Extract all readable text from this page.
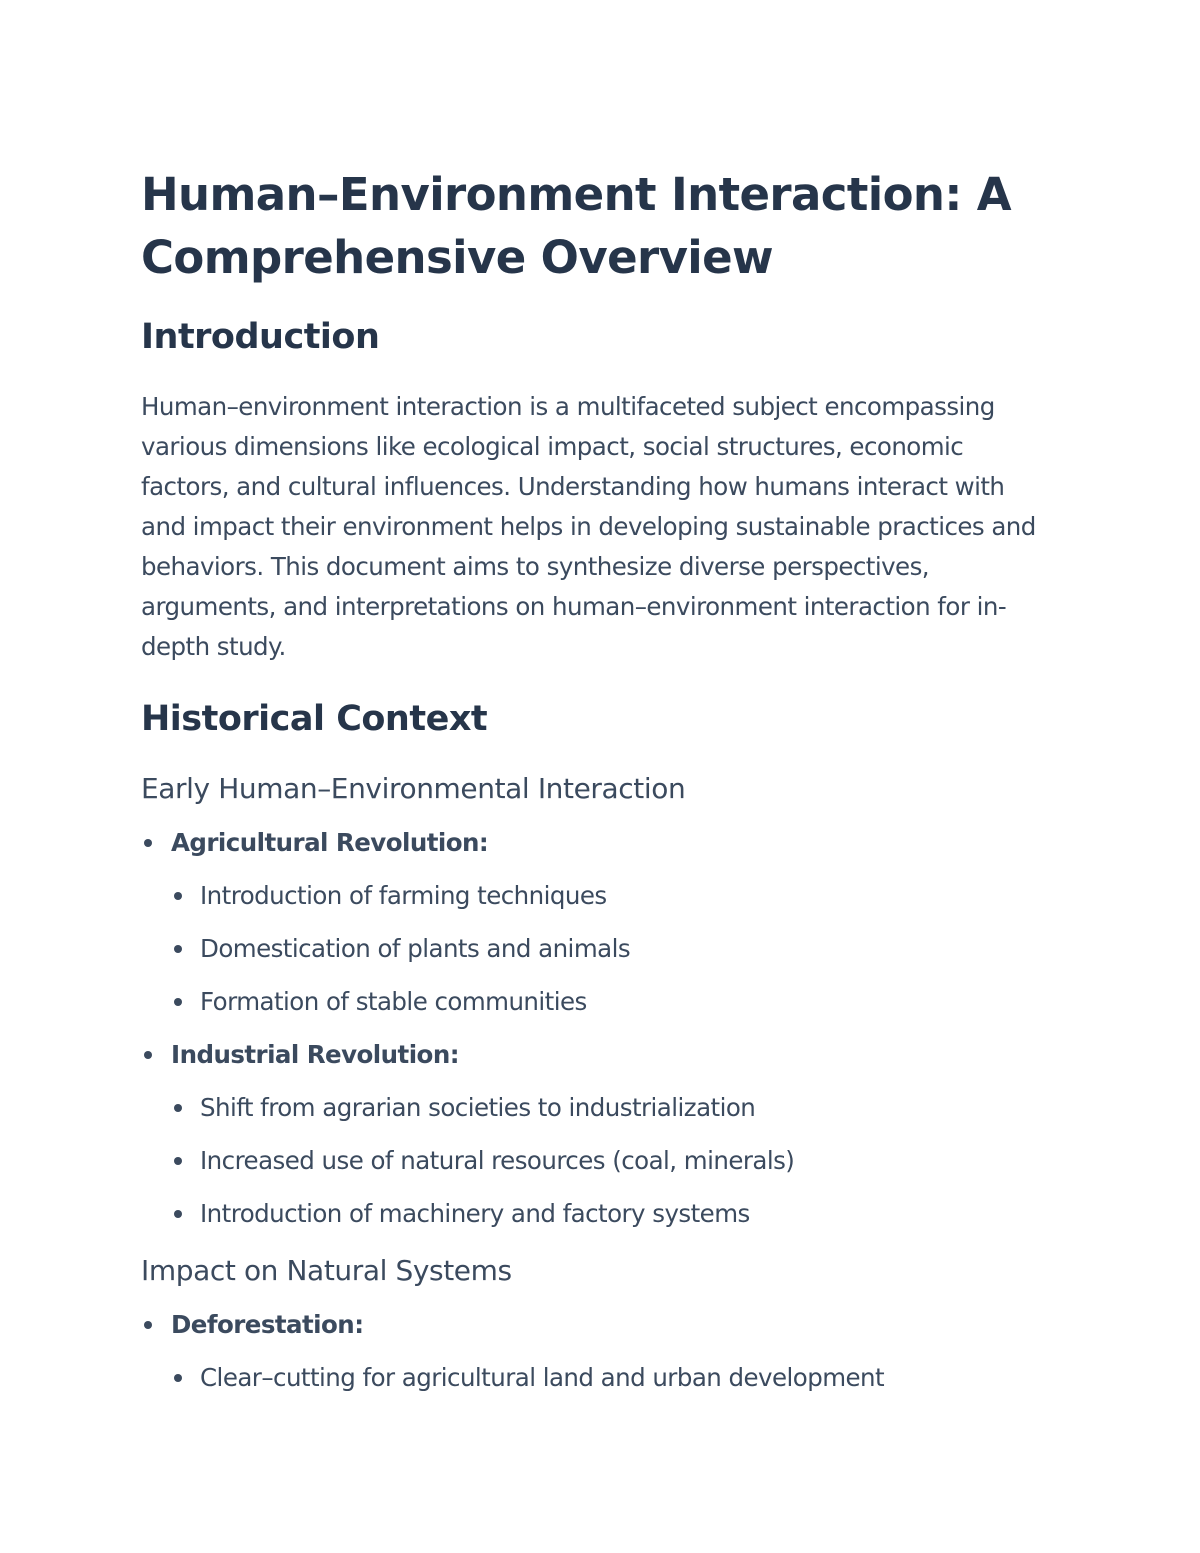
Human–Environment Interaction: A Comprehensive Overview
Introduction

Human–environment interaction is a multifaceted subject encompassing various dimensions like ecological impact, social structures, economic factors, and cultural influences. Understanding how humans interact with and impact their environment helps in developing sustainable practices and behaviors. This document aims to synthesize diverse perspectives, arguments, and interpretations on human–environment interaction for in-depth study.

Historical Context
Early Human–Environmental Interaction
Agricultural Revolution:
Introduction of farming techniques
Domestication of plants and animals
Formation of stable communities
Industrial Revolution:
Shift from agrarian societies to industrialization
Increased use of natural resources (coal, minerals)
Introduction of machinery and factory systems
Impact on Natural Systems
Deforestation:
Clear–cutting for agricultural land and urban development
